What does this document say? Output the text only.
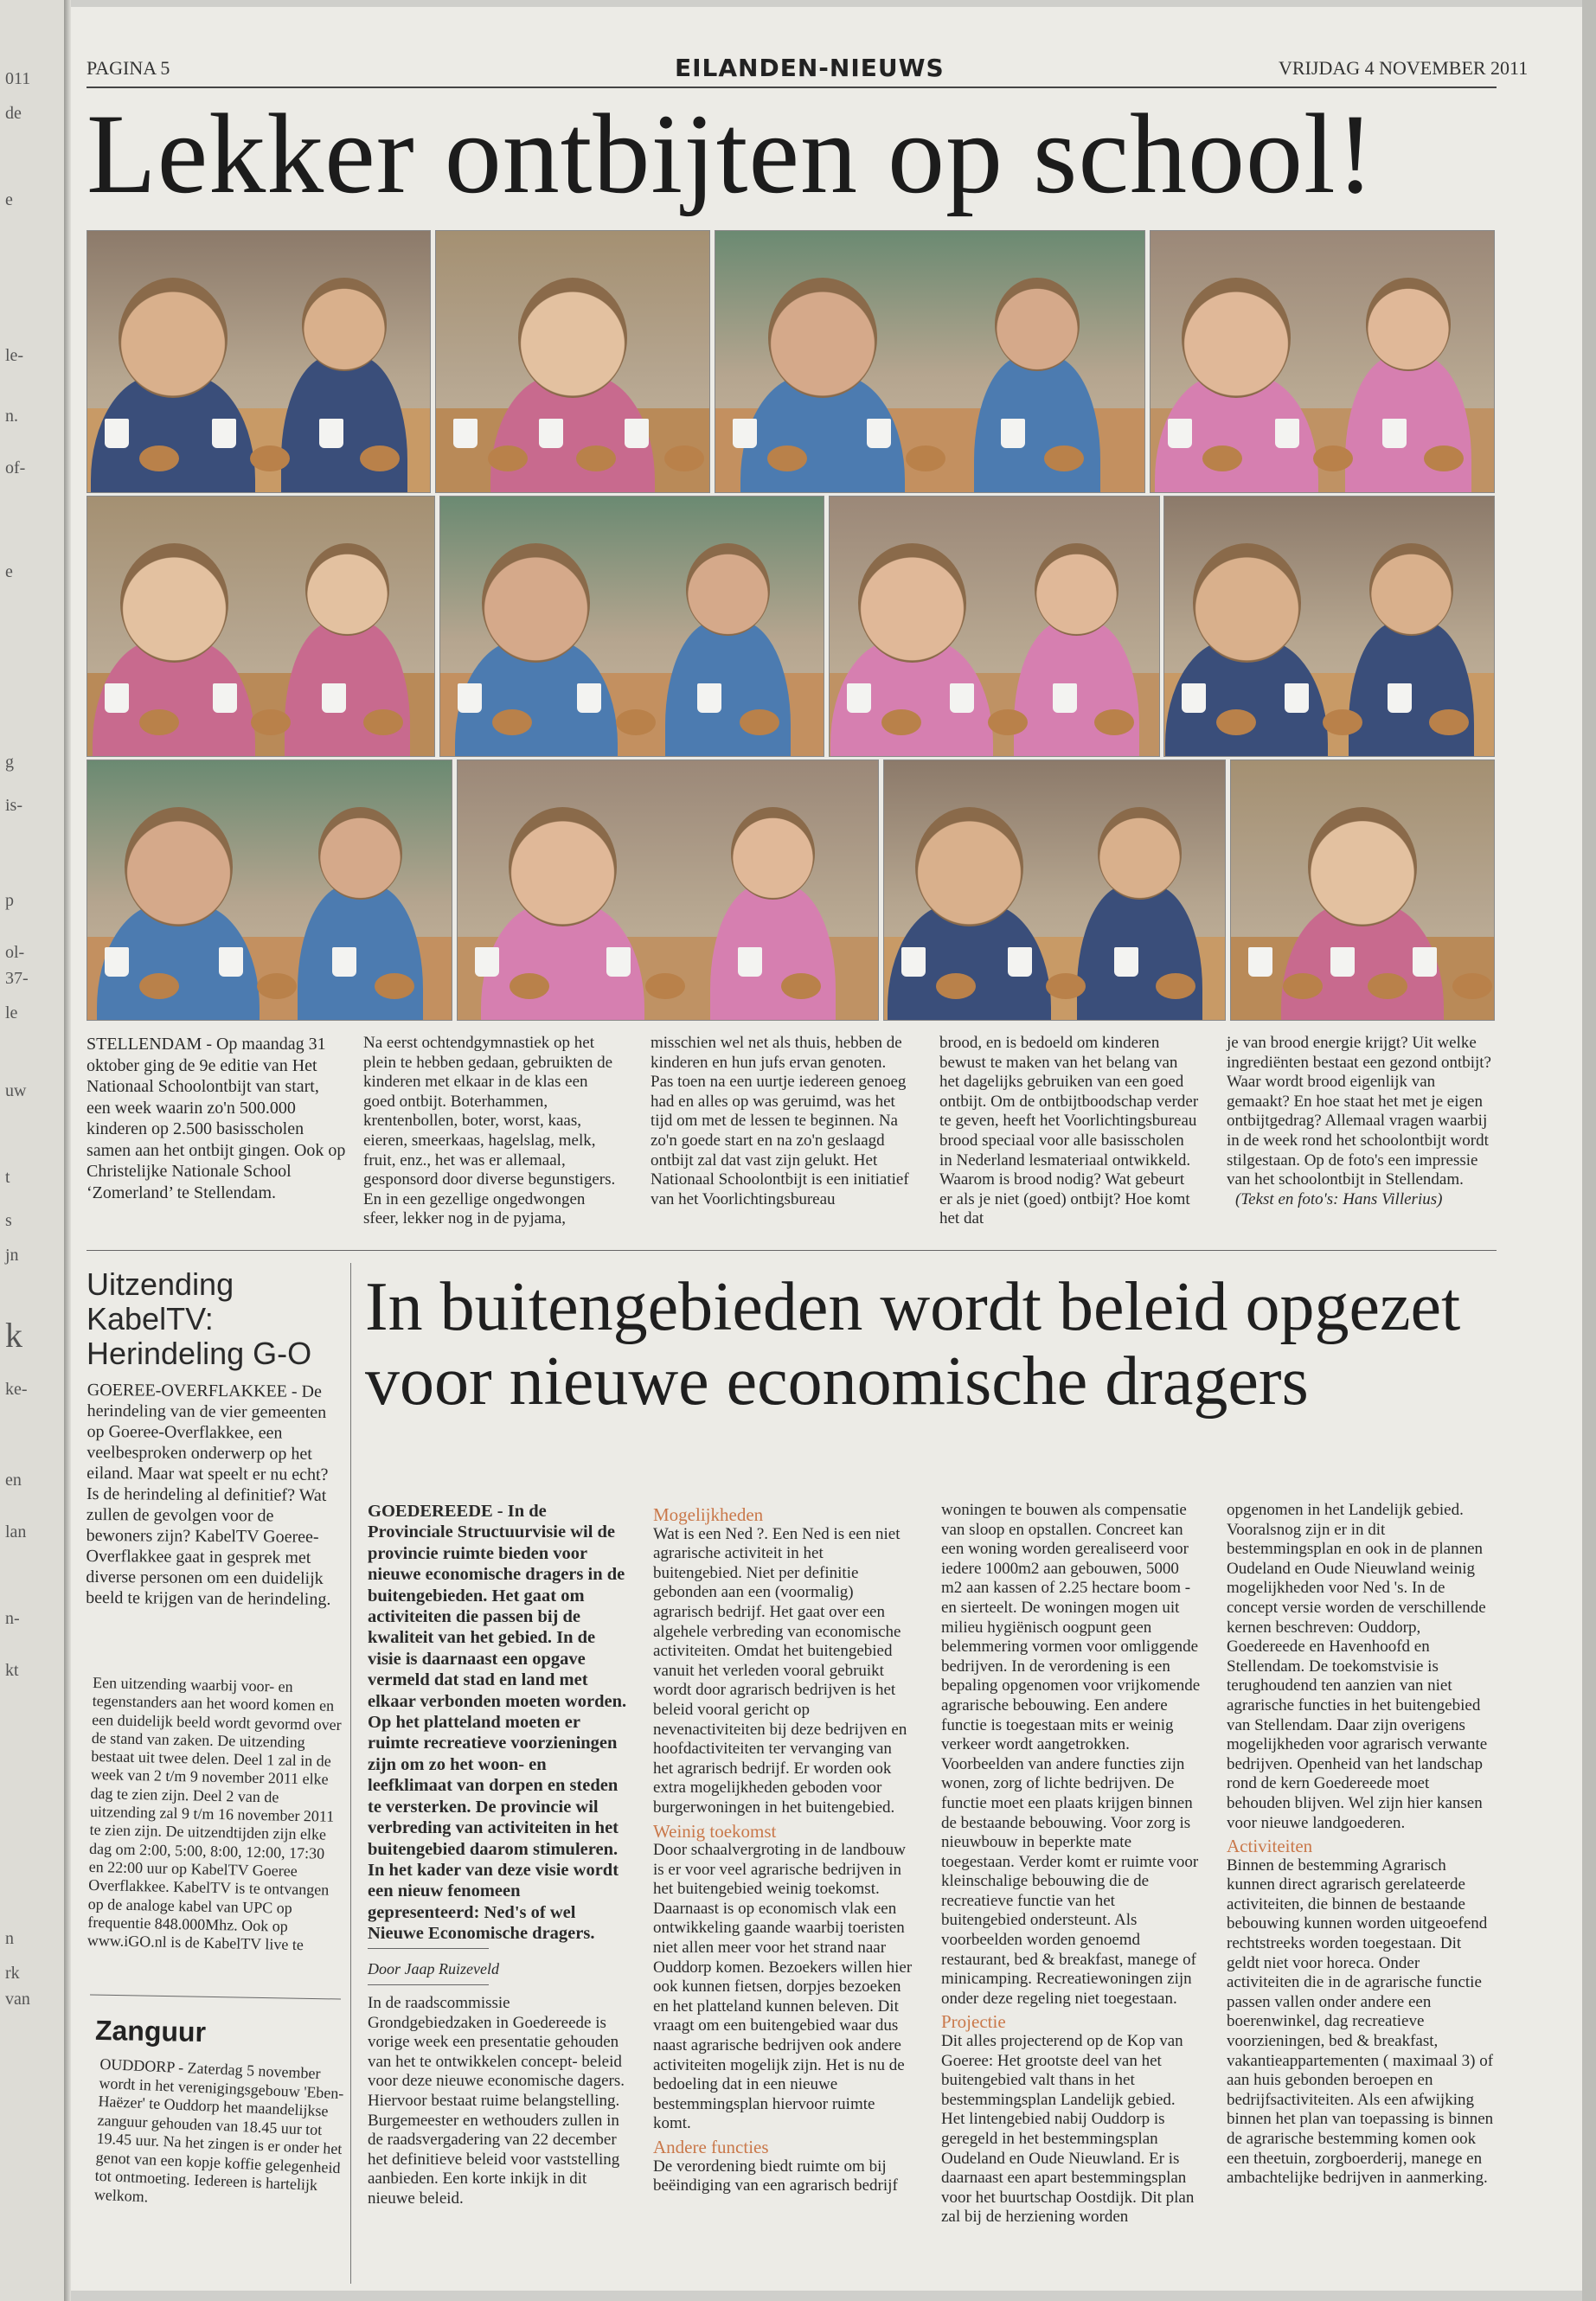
011
de
e
le-
n.
of-
e
g
is-
p
ol-
37-
le
uw
t
s
jn
k
ke-
en
lan
n-
kt
n
rk
van
PAGINA 5	EILANDEN-NIEUWS	VRIJDAG 4 NOVEMBER 2011
Lekker ontbijten op school!
STELLENDAM - Op maandag 31 oktober ging de 9e editie van Het Nationaal Schoolontbijt van start, een week waarin zo'n 500.000 kinderen op 2.500 basisscholen samen aan het ontbijt gingen. Ook op Christelijke Nationale School ‘Zomerland’ te Stellendam.
Na eerst ochtendgymnastiek op het plein te hebben gedaan, gebruikten de kinderen met elkaar in de klas een goed ontbijt. Boterhammen, krentenbollen, boter, worst, kaas, eieren, smeerkaas, hagelslag, melk, fruit, enz., het was er allemaal, gesponsord door diverse begunstigers. En in een gezellige ongedwongen sfeer, lekker nog in de pyjama,
misschien wel net als thuis, hebben de kinderen en hun jufs ervan genoten. Pas toen na een uurtje iedereen genoeg had en alles op was geruimd, was het tijd om met de lessen te beginnen. Na zo'n goede start en na zo'n geslaagd ontbijt zal dat vast zijn gelukt. Het Nationaal Schoolontbijt is een initiatief van het Voorlichtingsbureau
brood, en is bedoeld om kinderen bewust te maken van het belang van het dagelijks gebruiken van een goed ontbijt. Om de ontbijtboodschap verder te geven, heeft het Voorlichtingsbureau brood speciaal voor alle basisscholen in Nederland lesmateriaal ontwikkeld. Waarom is brood nodig? Wat gebeurt er als je niet (goed) ontbijt? Hoe komt het dat
je van brood energie krijgt? Uit welke ingrediënten bestaat een gezond ontbijt? Waar wordt brood eigenlijk van gemaakt? En hoe staat het met je eigen ontbijtgedrag? Allemaal vragen waarbij in de week rond het schoolontbijt wordt stilgestaan. Op de foto's een impressie van het schoolontbijt in Stellendam.
(Tekst en foto's: Hans Villerius)
Uitzending
KabelTV:
Herindeling G-O
GOEREE-OVERFLAKKEE - De herindeling van de vier gemeenten op Goeree-Overflakkee, een veelbesproken onderwerp op het eiland. Maar wat speelt er nu echt? Is de herindeling al definitief? Wat zullen de gevolgen voor de bewoners zijn? KabelTV Goeree-Overflakkee gaat in gesprek met diverse personen om een duidelijk beeld te krijgen van de herindeling.
Een uitzending waarbij voor- en tegenstanders aan het woord komen en een duidelijk beeld wordt gevormd over de stand van zaken. De uitzending bestaat uit twee delen. Deel 1 zal in de week van 2 t/m 9 november 2011 elke dag te zien zijn. Deel 2 van de uitzending zal 9 t/m 16 november 2011 te zien zijn. De uitzendtijden zijn elke dag om 2:00, 5:00, 8:00, 12:00, 17:30 en 22:00 uur op KabelTV Goeree Overflakkee. KabelTV is te ontvangen op de analoge kabel van UPC op frequentie 848.000Mhz. Ook op www.iGO.nl is de KabelTV live te
Zanguur
OUDDORP - Zaterdag 5 november wordt in het verenigingsgebouw 'Eben-Haëzer' te Ouddorp het maandelijkse zanguur gehouden van 18.45 uur tot 19.45 uur. Na het zingen is er onder het genot van een kopje koffie gelegenheid tot ontmoeting. Iedereen is hartelijk welkom.
In buitengebieden wordt beleid opgezet voor nieuwe economische dragers
GOEDEREEDE - In de Provinciale Structuurvisie wil de provincie ruimte bieden voor nieuwe economische dragers in de buitengebieden. Het gaat om activiteiten die passen bij de kwaliteit van het gebied. In de visie is daarnaast een opgave vermeld dat stad en land met elkaar verbonden moeten worden. Op het platteland moeten er ruimte recreatieve voorzieningen zijn om zo het woon- en leefklimaat van dorpen en steden te versterken. De provincie wil verbreding van activiteiten in het buitengebied daarom stimuleren. In het kader van deze visie wordt een nieuw fenomeen gepresenteerd: Ned's of wel Nieuwe Economische dragers.
Door Jaap Ruizeveld
In de raadscommissie Grondgebiedzaken in Goedereede is vorige week een presentatie gehouden van het te ontwikkelen concept- beleid voor deze nieuwe economische dagers. Hiervoor bestaat ruime belangstelling. Burgemeester en wethouders zullen in de raadsvergadering van 22 december het definitieve beleid voor vaststelling aanbieden. Een korte inkijk in dit nieuwe beleid.
Mogelijkheden

Wat is een Ned ?. Een Ned is een niet agrarische activiteit in het buitengebied. Niet per definitie gebonden aan een (voormalig) agrarisch bedrijf. Het gaat over een algehele verbreding van economische activiteiten. Omdat het buitengebied vanuit het verleden vooral gebruikt wordt door agrarisch bedrijven is het beleid vooral gericht op nevenactiviteiten bij deze bedrijven en hoofdactiviteiten ter vervanging van het agrarisch bedrijf. Er worden ook extra mogelijkheden geboden voor burgerwoningen in het buitengebied.

Weinig toekomst

Door schaalvergroting in de landbouw is er voor veel agrarische bedrijven in het buitengebied weinig toekomst. Daarnaast is op economisch vlak een ontwikkeling gaande waarbij toeristen niet allen meer voor het strand naar Ouddorp komen. Bezoekers willen hier ook kunnen fietsen, dorpjes bezoeken en het platteland kunnen beleven. Dit vraagt om een buitengebied waar dus naast agrarische bedrijven ook andere activiteiten mogelijk zijn. Het is nu de bedoeling dat in een nieuwe bestemmingsplan hiervoor ruimte komt.

Andere functies

De verordening biedt ruimte om bij beëindiging van een agrarisch bedrijf

woningen te bouwen als compensatie van sloop en opstallen. Concreet kan een woning worden gerealiseerd voor iedere 1000m2 aan gebouwen, 5000 m2 aan kassen of 2.25 hectare boom - en sierteelt. De woningen mogen uit milieu hygiënisch oogpunt geen belemmering vormen voor omliggende bedrijven. In de verordening is een bepaling opgenomen voor vrijkomende agrarische bebouwing. Een andere functie is toegestaan mits er weinig verkeer wordt aangetrokken. Voorbeelden van andere functies zijn wonen, zorg of lichte bedrijven. De functie moet een plaats krijgen binnen de bestaande bebouwing. Voor zorg is nieuwbouw in beperkte mate toegestaan. Verder komt er ruimte voor kleinschalige bebouwing die de recreatieve functie van het buitengebied ondersteunt. Als voorbeelden worden genoemd restaurant, bed & breakfast, manege of minicamping. Recreatiewoningen zijn onder deze regeling niet toegestaan.

Projectie

Dit alles projecterend op de Kop van Goeree: Het grootste deel van het buitengebied valt thans in het bestemmingsplan Landelijk gebied. Het lintengebied nabij Ouddorp is geregeld in het bestemmingsplan Oudeland en Oude Nieuwland. Er is daarnaast een apart bestemmingsplan voor het buurtschap Oostdijk. Dit plan zal bij de herziening worden

opgenomen in het Landelijk gebied. Vooralsnog zijn er in dit bestemmingsplan en ook in de plannen Oudeland en Oude Nieuwland weinig mogelijkheden voor Ned 's. In de concept versie worden de verschillende kernen beschreven: Ouddorp, Goedereede en Havenhoofd en Stellendam. De toekomstvisie is terughoudend ten aanzien van niet agrarische functies in het buitengebied van Stellendam. Daar zijn overigens mogelijkheden voor agrarisch verwante bedrijven. Openheid van het landschap rond de kern Goedereede moet behouden blijven. Wel zijn hier kansen voor nieuwe landgoederen.

Activiteiten

Binnen de bestemming Agrarisch kunnen direct agrarisch gerelateerde activiteiten, die binnen de bestaande bebouwing kunnen worden uitgeoefend rechtstreeks worden toegestaan. Dit geldt niet voor horeca. Onder activiteiten die in de agrarische functie passen vallen onder andere een boerenwinkel, dag recreatieve voorzieningen, bed & breakfast, vakantieappartementen ( maximaal 3) of aan huis gebonden beroepen en bedrijfsactiviteiten. Als een afwijking binnen het plan van toepassing is binnen de agrarische bestemming komen ook een theetuin, zorgboerderij, manege en ambachtelijke bedrijven in aanmerking.
